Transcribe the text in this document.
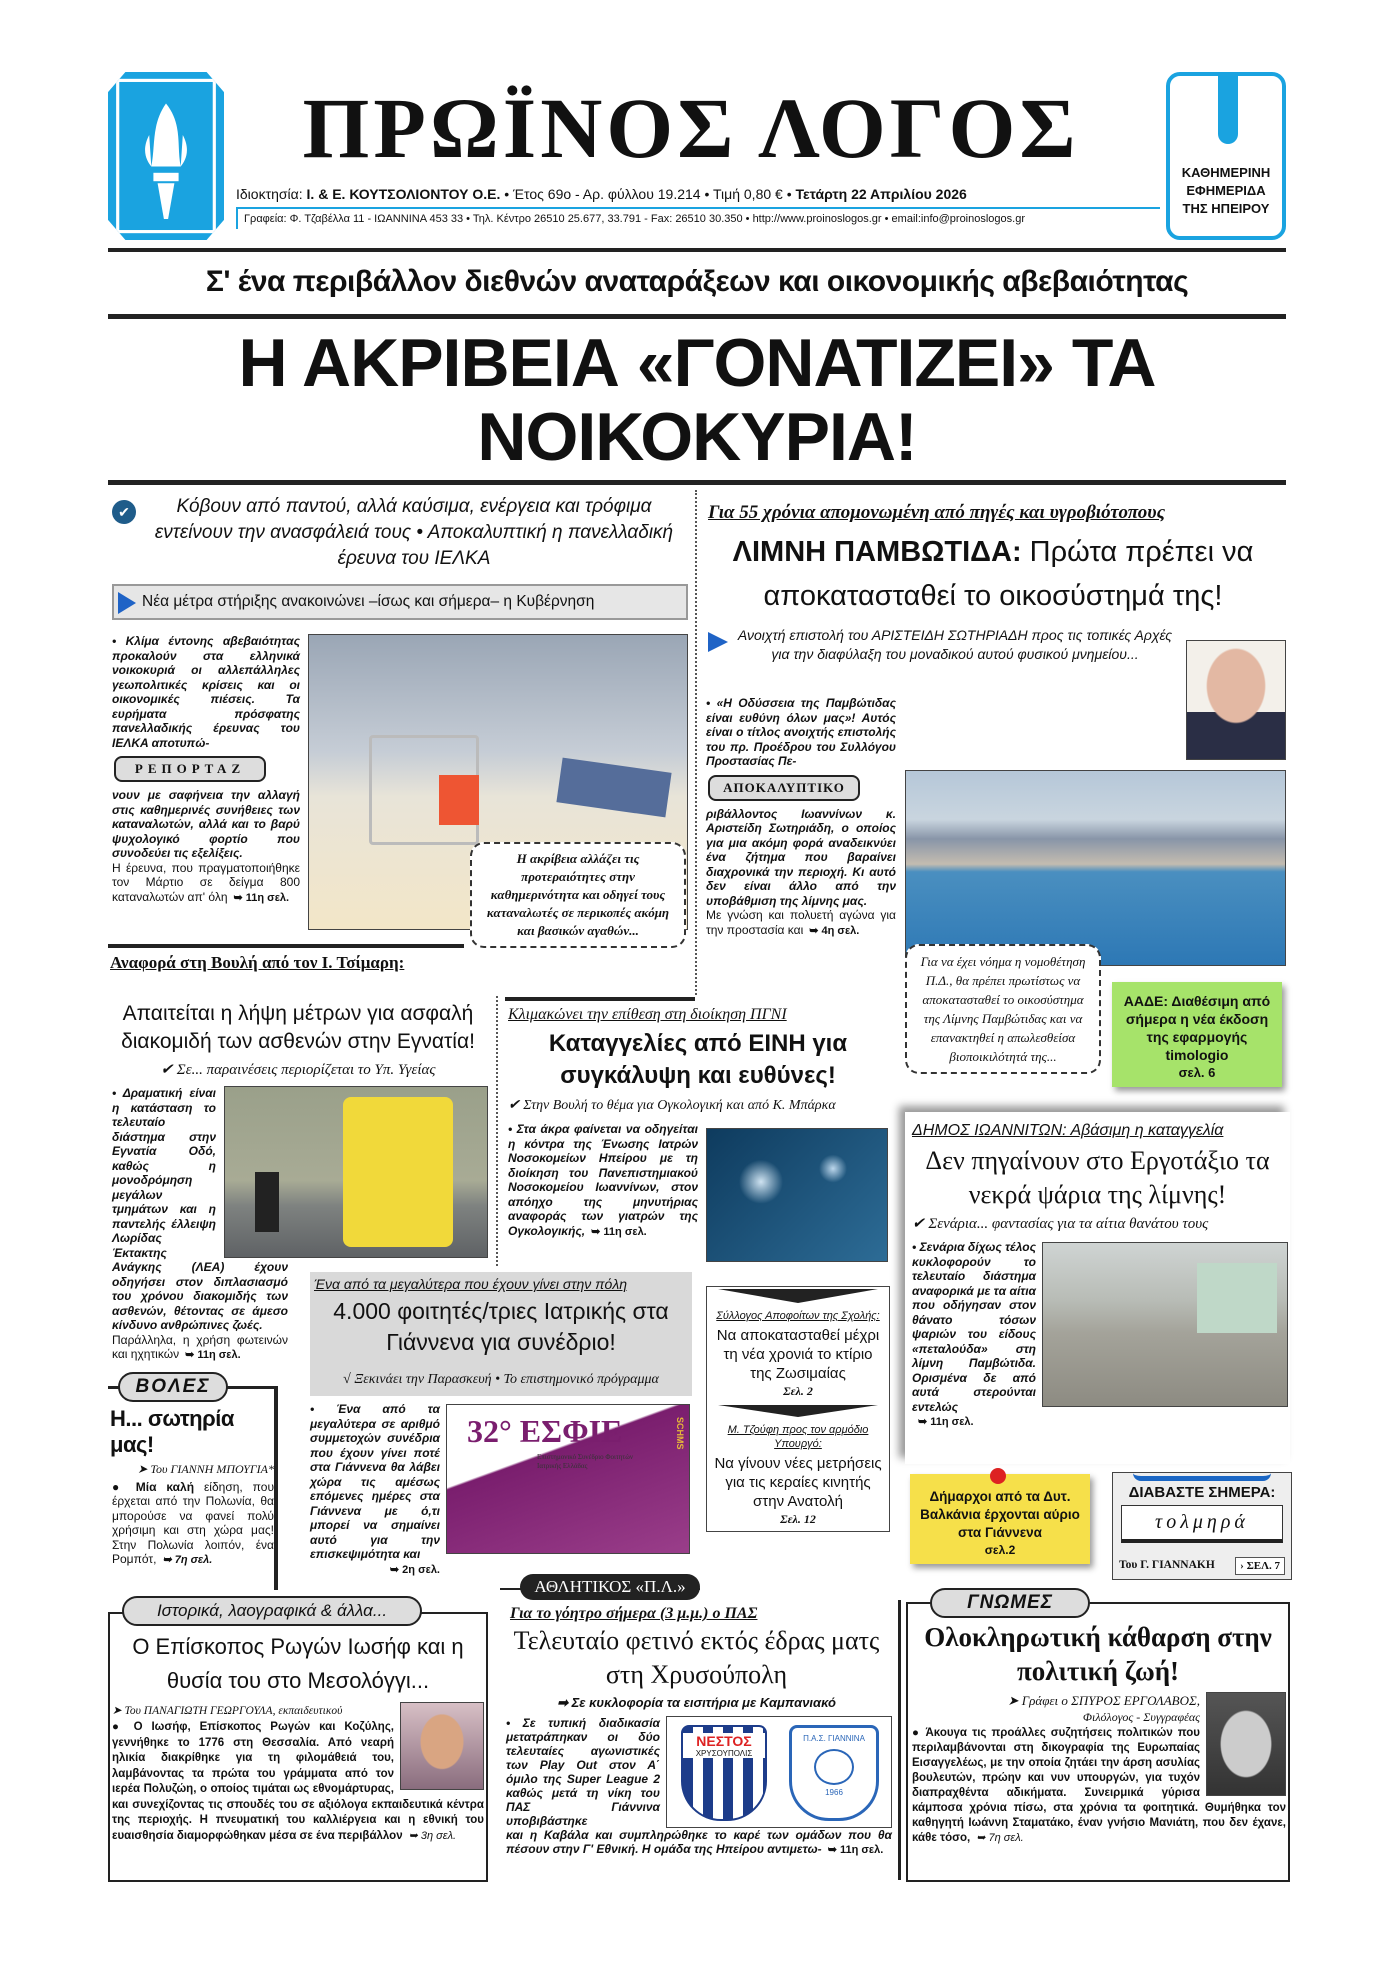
ΠΡΩΪΝΟΣ ΛΟΓΟΣ	ΚΑΘΗΜΕΡΙΝΗ
ΕΦΗΜΕΡΙΔΑ
ΤΗΣ ΗΠΕΙΡΟΥ
Ιδιοκτησία: Ι. & Ε. ΚΟΥΤΣΟΛΙΟΝΤΟΥ Ο.Ε. • Έτος 69ο - Αρ. φύλλου 19.214 • Τιμή 0,80 € • Τετάρτη 22 Απριλίου 2026
Γραφεία: Φ. Τζαβέλλα 11 - ΙΩΑΝΝΙΝΑ 453 33 • Τηλ. Κέντρο 26510 25.677, 33.791 - Fax: 26510 30.350 • http://www.proinoslogos.gr • email:info@proinoslogos.gr
Σ' ένα περιβάλλον διεθνών αναταράξεων και οικονομικής αβεβαιότητας
Η ΑΚΡΙΒΕΙΑ «ΓΟΝΑΤΙΖΕΙ» ΤΑ ΝΟΙΚΟΚΥΡΙΑ!
✔	Κόβουν από παντού, αλλά καύσιμα, ενέργεια και τρόφιμα εντείνουν την ανασφάλειά τους • Αποκαλυπτική η πανελλαδική έρευνα του ΙΕΛΚΑ
Νέα μέτρα στήριξης ανακοινώνει –ίσως και σήμερα– η Κυβέρνηση

• Κλίμα έντονης αβεβαιότητας προκαλούν στα ελληνικά νοικοκυριά οι αλλεπάλληλες γεωπολιτικές κρίσεις και οι οικονομικές πιέσεις. Τα ευρήματα πρόσφατης πανελλαδικής έρευνας του ΙΕΛΚΑ αποτυπώ-

ΡΕΠΟΡΤΑΖ

νουν με σαφήνεια την αλλαγή στις καθημερινές συνήθειες των καταναλωτών, αλλά και το βαρύ ψυχολογικό φορτίο που συνοδεύει τις εξελίξεις.

Η έρευνα, που πραγματοποιήθηκε τον Μάρτιο σε δείγμα 800 καταναλωτών απ' όλη ➥ 11η σελ.

Η ακρίβεια αλλάζει τις προτεραιότητες στην καθημερινότητα και οδηγεί τους καταναλωτές σε περικοπές ακόμη και βασικών αγαθών...
Για 55 χρόνια απομονωμένη από πηγές και υγροβιότοπους
ΛΙΜΝΗ ΠΑΜΒΩΤΙΔΑ: Πρώτα πρέπει να αποκατασταθεί το οικοσύστημά της!
Ανοιχτή επιστολή του ΑΡΙΣΤΕΙΔΗ ΣΩΤΗΡΙΑΔΗ προς τις τοπικές Αρχές για την διαφύλαξη του μοναδικού αυτού φυσικού μνημείου...

• «Η Οδύσσεια της Παμβώτιδας είναι ευθύνη όλων μας»! Αυτός είναι ο τίτλος ανοιχτής επιστολής του πρ. Προέδρου του Συλλόγου Προστασίας Πε-

ΑΠΟΚΑΛΥΠΤΙΚΟ

ριβάλλοντος Ιωαννίνων κ. Αριστείδη Σωτηριάδη, ο οποίος για μια ακόμη φορά αναδεικνύει ένα ζήτημα που βαραίνει διαχρονικά την περιοχή. Κι αυτό δεν είναι άλλο από την υποβάθμιση της λίμνης μας.

Με γνώση και πολυετή αγώνα για την προστασία και ➥ 4η σελ.

Για να έχει νόημα η νομοθέτηση Π.Δ., θα πρέπει πρωτίστως να αποκατασταθεί το οικοσύστημα της Λίμνης Παμβώτιδας και να επανακτηθεί η απωλεσθείσα βιοποικιλότητά της...
ΑΑΔΕ: Διαθέσιμη από σήμερα η νέα έκδοση της εφαρμογής timologio
σελ. 6
Αναφορά στη Βουλή από τον Ι. Τσίμαρη:
Απαιτείται η λήψη μέτρων για ασφαλή διακομιδή των ασθενών στην Εγνατία!
✔ Σε... παραινέσεις περιορίζεται το Υπ. Υγείας

• Δραματική είναι η κατάσταση το τελευταίο διάστημα στην Εγνατία Οδό, καθώς η μονοδρόμηση μεγάλων τμημάτων και η παντελής έλλειψη Λωρίδας Έκτακτης Ανάγκης (ΛΕΑ) έχουν οδηγήσει στον διπλασιασμό του χρόνου διακομιδής των ασθενών, θέτοντας σε άμεσο κίνδυνο ανθρώπινες ζωές.

Παράλληλα, η χρήση φωτεινών και ηχητικών ➥ 11η σελ.

Κλιμακώνει την επίθεση στη διοίκηση ΠΓΝΙ
Καταγγελίες από ΕΙΝΗ για συγκάλυψη και ευθύνες!
✔ Στην Βουλή το θέμα για Ογκολογική και από Κ. Μπάρκα

• Στα άκρα φαίνεται να οδηγείται η κόντρα της Ένωσης Ιατρών Νοσοκομείων Ηπείρου με τη διοίκηση του Πανεπιστημιακού Νοσοκομείου Ιωαννίνων, στον απόηχο της μηνυτήριας αναφοράς των γιατρών της Ογκολογικής, ➥ 11η σελ.

ΔΗΜΟΣ ΙΩΑΝΝΙΤΩΝ: Αβάσιμη η καταγγελία
Δεν πηγαίνουν στο Εργοτάξιο τα νεκρά ψάρια της λίμνης!
✔ Σενάρια... φαντασίας για τα αίτια θανάτου τους

• Σενάρια δίχως τέλος κυκλοφορούν το τελευταίο διάστημα αναφορικά με τα αίτια που οδήγησαν στον θάνατο τόσων ψαριών του είδους «πεταλούδα» στη λίμνη Παμβώτιδα. Ορισμένα δε από αυτά στερούνται εντελώς

➥ 11η σελ.

Ένα από τα μεγαλύτερα που έχουν γίνει στην πόλη
4.000 φοιτητές/τριες Ιατρικής στα Γιάννενα για συνέδριο!
√ Ξεκινάει την Παρασκευή • Το επιστημονικό πρόγραμμα

• Ένα από τα μεγαλύτερα σε αριθμό συμμετοχών συνέδρια που έχουν γίνει ποτέ στα Γιάννενα θα λάβει χώρα τις αμέσως επόμενες ημέρες στα Γιάννενα με ό,τι μπορεί να σημαίνει αυτό για την επισκεψιμότητα και

➥ 2η σελ.

32° ΕΣΦΙΕ
Επιστημονικό Συνέδριο Φοιτητών Ιατρικής Ελλάδας
SCHMS
ΒΟΛΕΣ
Η... σωτηρία μας!

➤ Του ΓΙΑΝΝΗ ΜΠΟΥΓΙΑ*

● Μία καλή είδηση, που έρχεται από την Πολωνία, θα μπορούσε να φανεί πολύ χρήσιμη και στη χώρα μας! Στην Πολωνία λοιπόν, ένα Ρομπότ, ➥ 7η σελ.

Σύλλογος Αποφοίτων της Σχολής:
Να αποκατασταθεί μέχρι τη νέα χρονιά το κτίριο της Ζωσιμαίας
Σελ. 2
Μ. Τζούφη προς τον αρμόδιο Υπουργό:
Να γίνουν νέες μετρήσεις για τις κεραίες κινητής στην Ανατολή
Σελ. 12
Δήμαρχοι από τα Δυτ. Βαλκάνια έρχονται αύριο στα Γιάννενα
σελ.2
ΔΙΑΒΑΣΤΕ ΣΗΜΕΡΑ:
τολμηρά
Του Γ. ΓΙΑΝΝΑΚΗ	› ΣΕΛ. 7
ΑΘΛΗΤΙΚΟΣ «Π.Λ.»
Ιστορικά, λαογραφικά & άλλα...
Ο Επίσκοπος Ρωγών Ιωσήφ και η θυσία του στο Μεσολόγγι...

➤ Του ΠΑΝΑΓΙΩΤΗ ΓΕΩΡΓΟΥΛΑ, εκπαιδευτικού

● Ο Ιωσήφ, Επίσκοπος Ρωγών και Κοζύλης, γεννήθηκε το 1776 στη Θεσσαλία. Από νεαρή ηλικία διακρίθηκε για τη φιλομάθειά του, λαμβάνοντας τα πρώτα του γράμματα από τον ιερέα Πολυζώη, ο οποίος τιμάται ως εθνομάρτυρας, και συνεχίζοντας τις σπουδές του σε αξιόλογα εκπαιδευτικά κέντρα της περιοχής. Η πνευματική του καλλιέργεια και η εθνική του ευαισθησία διαμορφώθηκαν μέσα σε ένα περιβάλλον ➥ 3η σελ.

Για το γόητρο σήμερα (3 μ.μ.) ο ΠΑΣ
Τελευταίο φετινό εκτός έδρας ματς στη Χρυσούπολη
➡ Σε κυκλοφορία τα εισιτήρια με Καμπανιακό
ΝΕΣΤΟΣ
ΧΡΥΣΟΥΠΟΛΙΣ
Π.Α.Σ. ΓΙΑΝΝΙΝΑ
1966

• Σε τυπική διαδικασία μετατράπηκαν οι δύο τελευταίες αγωνιστικές των Play Out στον Α΄ όμιλο της Super League 2 καθώς μετά τη νίκη του ΠΑΣ Γιάννινα υποβιβάστηκε

και η Καβάλα και συμπληρώθηκε το καρέ των ομάδων που θα πέσουν στην Γ' Εθνική. Η ομάδα της Ηπείρου αντιμετω- ➥ 11η σελ.

ΓΝΩΜΕΣ
Ολοκληρωτική κάθαρση στην πολιτική ζωή!

➤ Γράφει ο ΣΠΥΡΟΣ ΕΡΓΟΛΑΒΟΣ,

Φιλόλογος - Συγγραφέας

● Άκουγα τις προάλλες συζητήσεις πολιτικών που περιλαμβάνονται στη δικογραφία της Ευρωπαίας Εισαγγελέως, με την οποία ζητάει την άρση ασυλίας βουλευτών, πρώην και νυν υπουργών, για τυχόν διαπραχθέντα αδικήματα. Συνειρμικά γύρισα κάμποσα χρόνια πίσω, στα χρόνια τα φοιτητικά. Θυμήθηκα τον καθηγητή Ιωάννη Σταματάκο, έναν γνήσιο Μανιάτη, που δεν έχανε, κάθε τόσο, ➥ 7η σελ.
